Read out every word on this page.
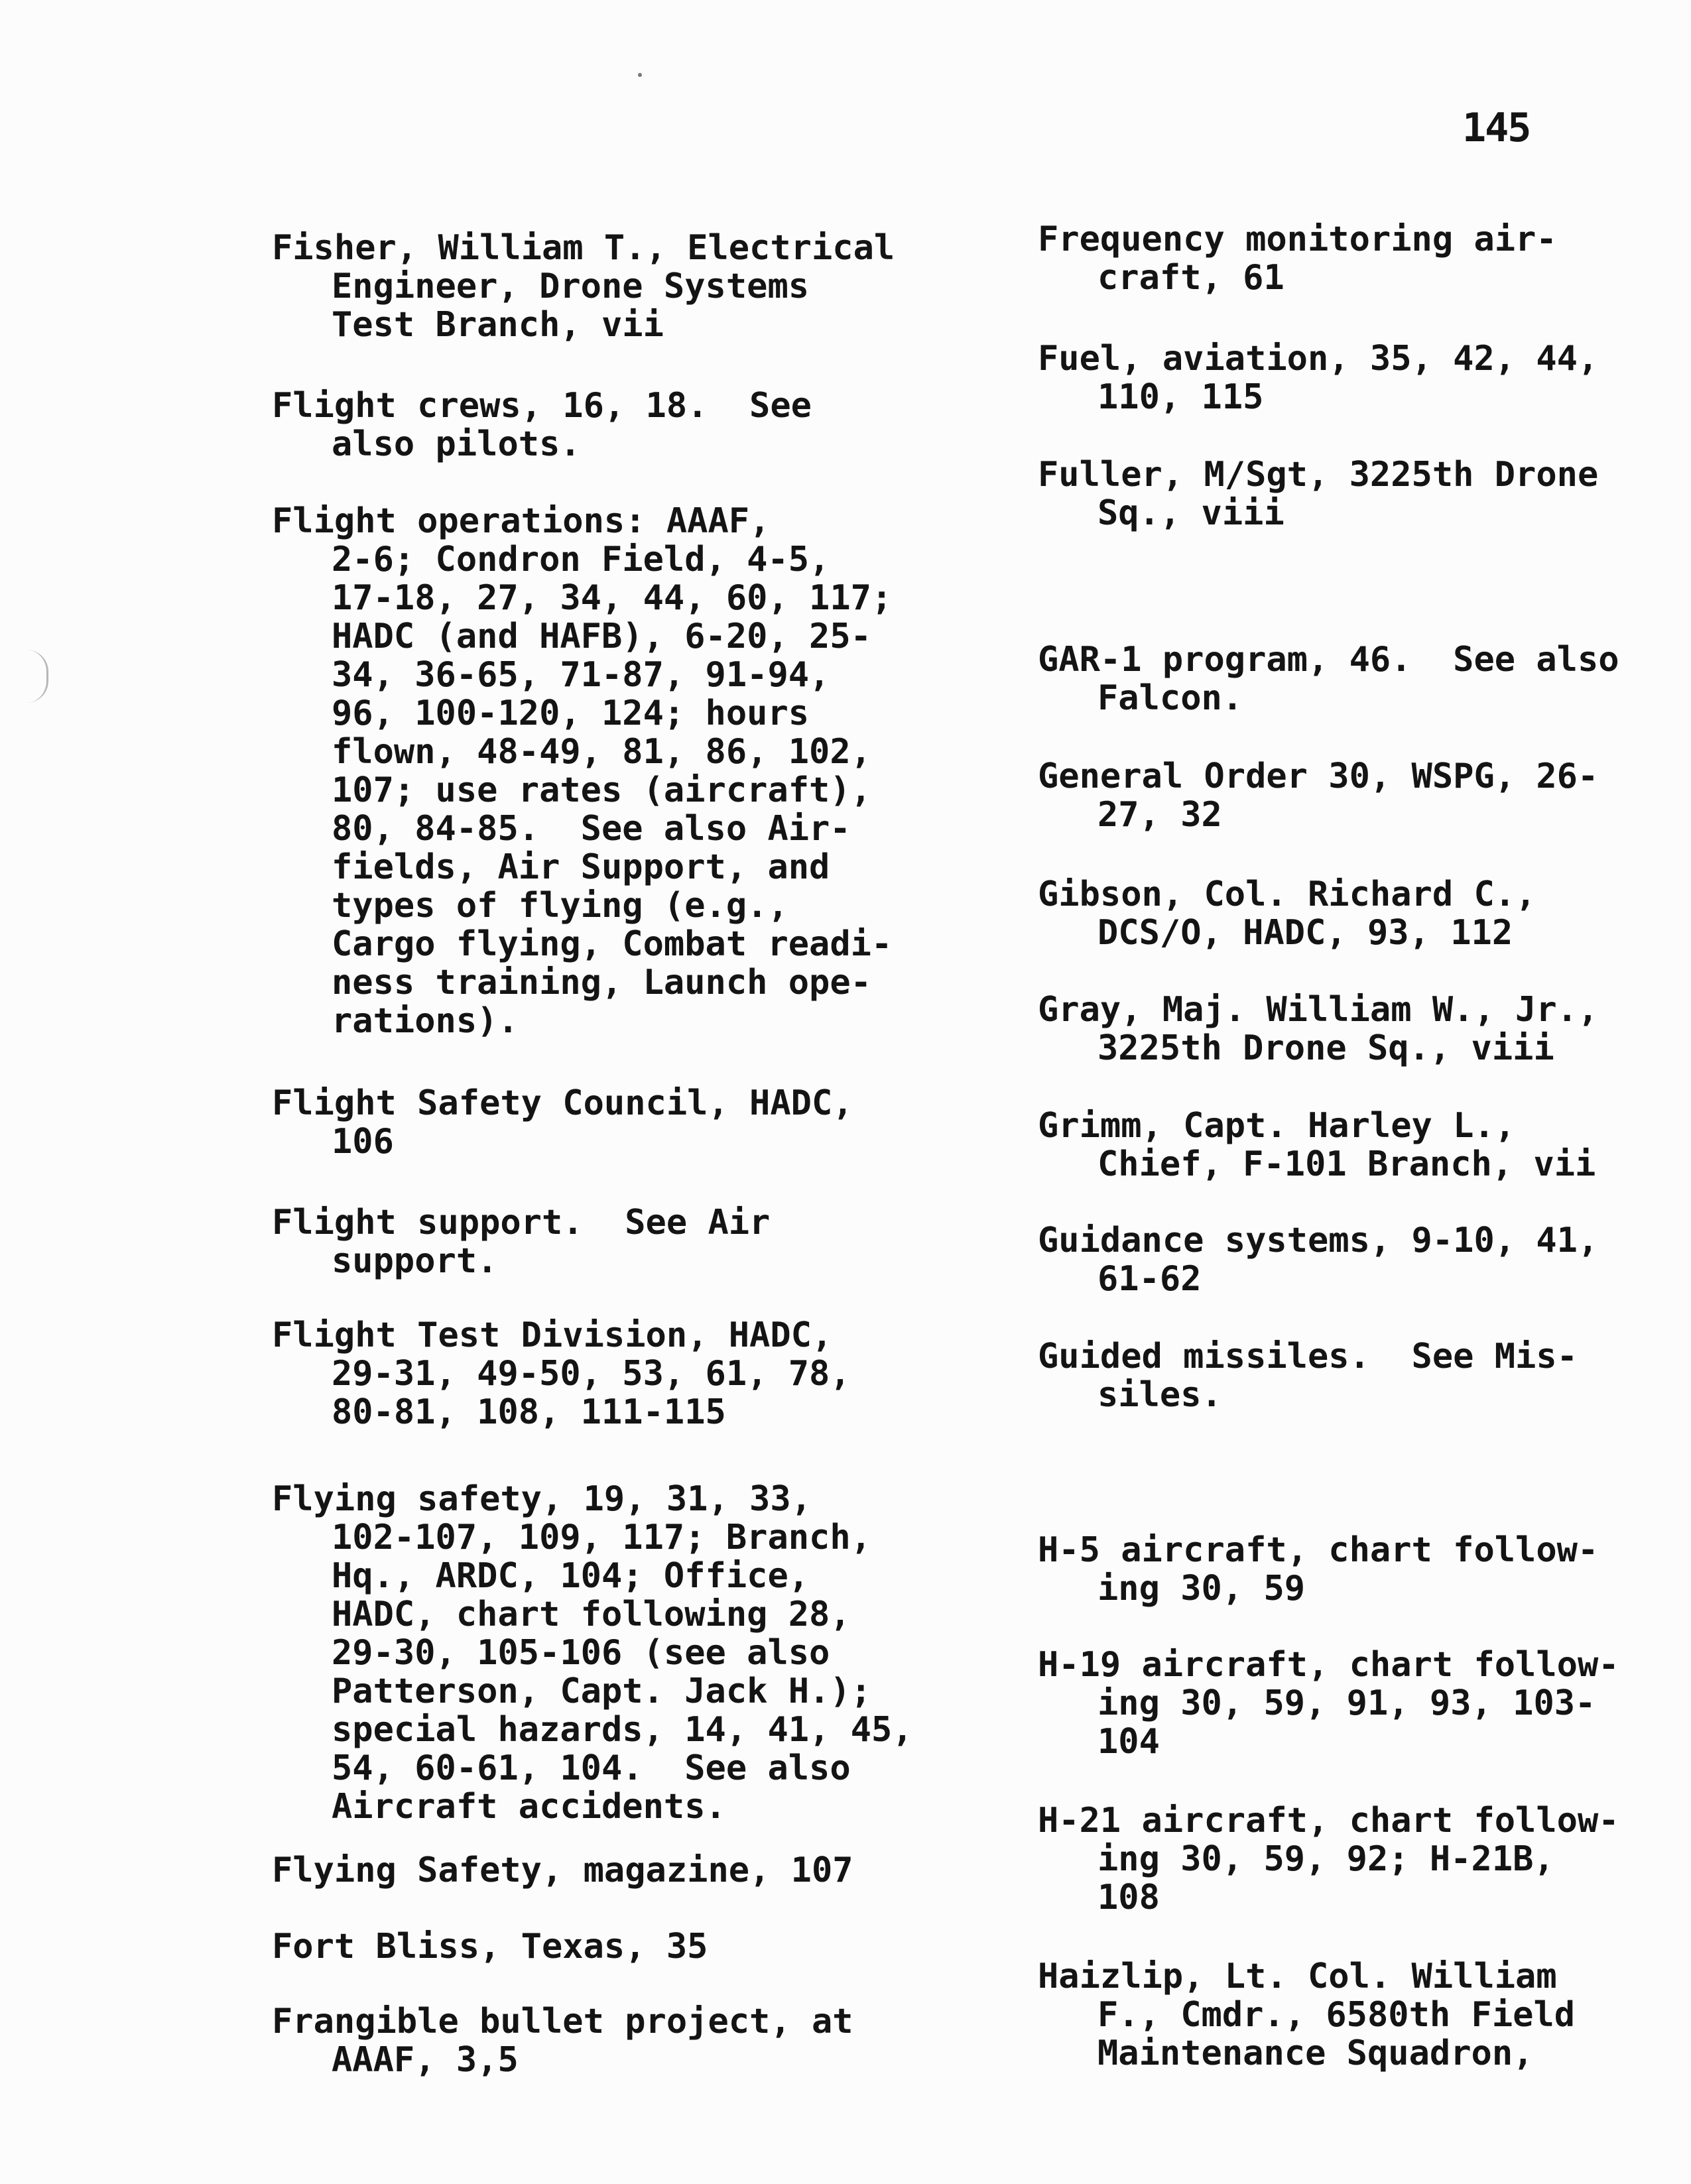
145
Fisher, William T., Electrical
Engineer, Drone Systems
Test Branch, vii
Flight crews, 16, 18.  See
also pilots.
Flight operations: AAAF,
2-6; Condron Field, 4-5,
17-18, 27, 34, 44, 60, 117;
HADC (and HAFB), 6-20, 25-
34, 36-65, 71-87, 91-94,
96, 100-120, 124; hours
flown, 48-49, 81, 86, 102,
107; use rates (aircraft),
80, 84-85.  See also Air-
fields, Air Support, and
types of flying (e.g.,
Cargo flying, Combat readi-
ness training, Launch ope-
rations).
Flight Safety Council, HADC,
106
Flight support.  See Air
support.
Flight Test Division, HADC,
29-31, 49-50, 53, 61, 78,
80-81, 108, 111-115
Flying safety, 19, 31, 33,
102-107, 109, 117; Branch,
Hq., ARDC, 104; Office,
HADC, chart following 28,
29-30, 105-106 (see also
Patterson, Capt. Jack H.);
special hazards, 14, 41, 45,
54, 60-61, 104.  See also
Aircraft accidents.
Flying Safety, magazine, 107
Fort Bliss, Texas, 35
Frangible bullet project, at
AAAF, 3,5
Frequency monitoring air-
craft, 61
Fuel, aviation, 35, 42, 44,
110, 115
Fuller, M/Sgt, 3225th Drone
Sq., viii
GAR-1 program, 46.  See also
Falcon.
General Order 30, WSPG, 26-
27, 32
Gibson, Col. Richard C.,
DCS/O, HADC, 93, 112
Gray, Maj. William W., Jr.,
3225th Drone Sq., viii
Grimm, Capt. Harley L.,
Chief, F-101 Branch, vii
Guidance systems, 9-10, 41,
61-62
Guided missiles.  See Mis-
siles.
H-5 aircraft, chart follow-
ing 30, 59
H-19 aircraft, chart follow-
ing 30, 59, 91, 93, 103-
104
H-21 aircraft, chart follow-
ing 30, 59, 92; H-21B,
108
Haizlip, Lt. Col. William
F., Cmdr., 6580th Field
Maintenance Squadron,
